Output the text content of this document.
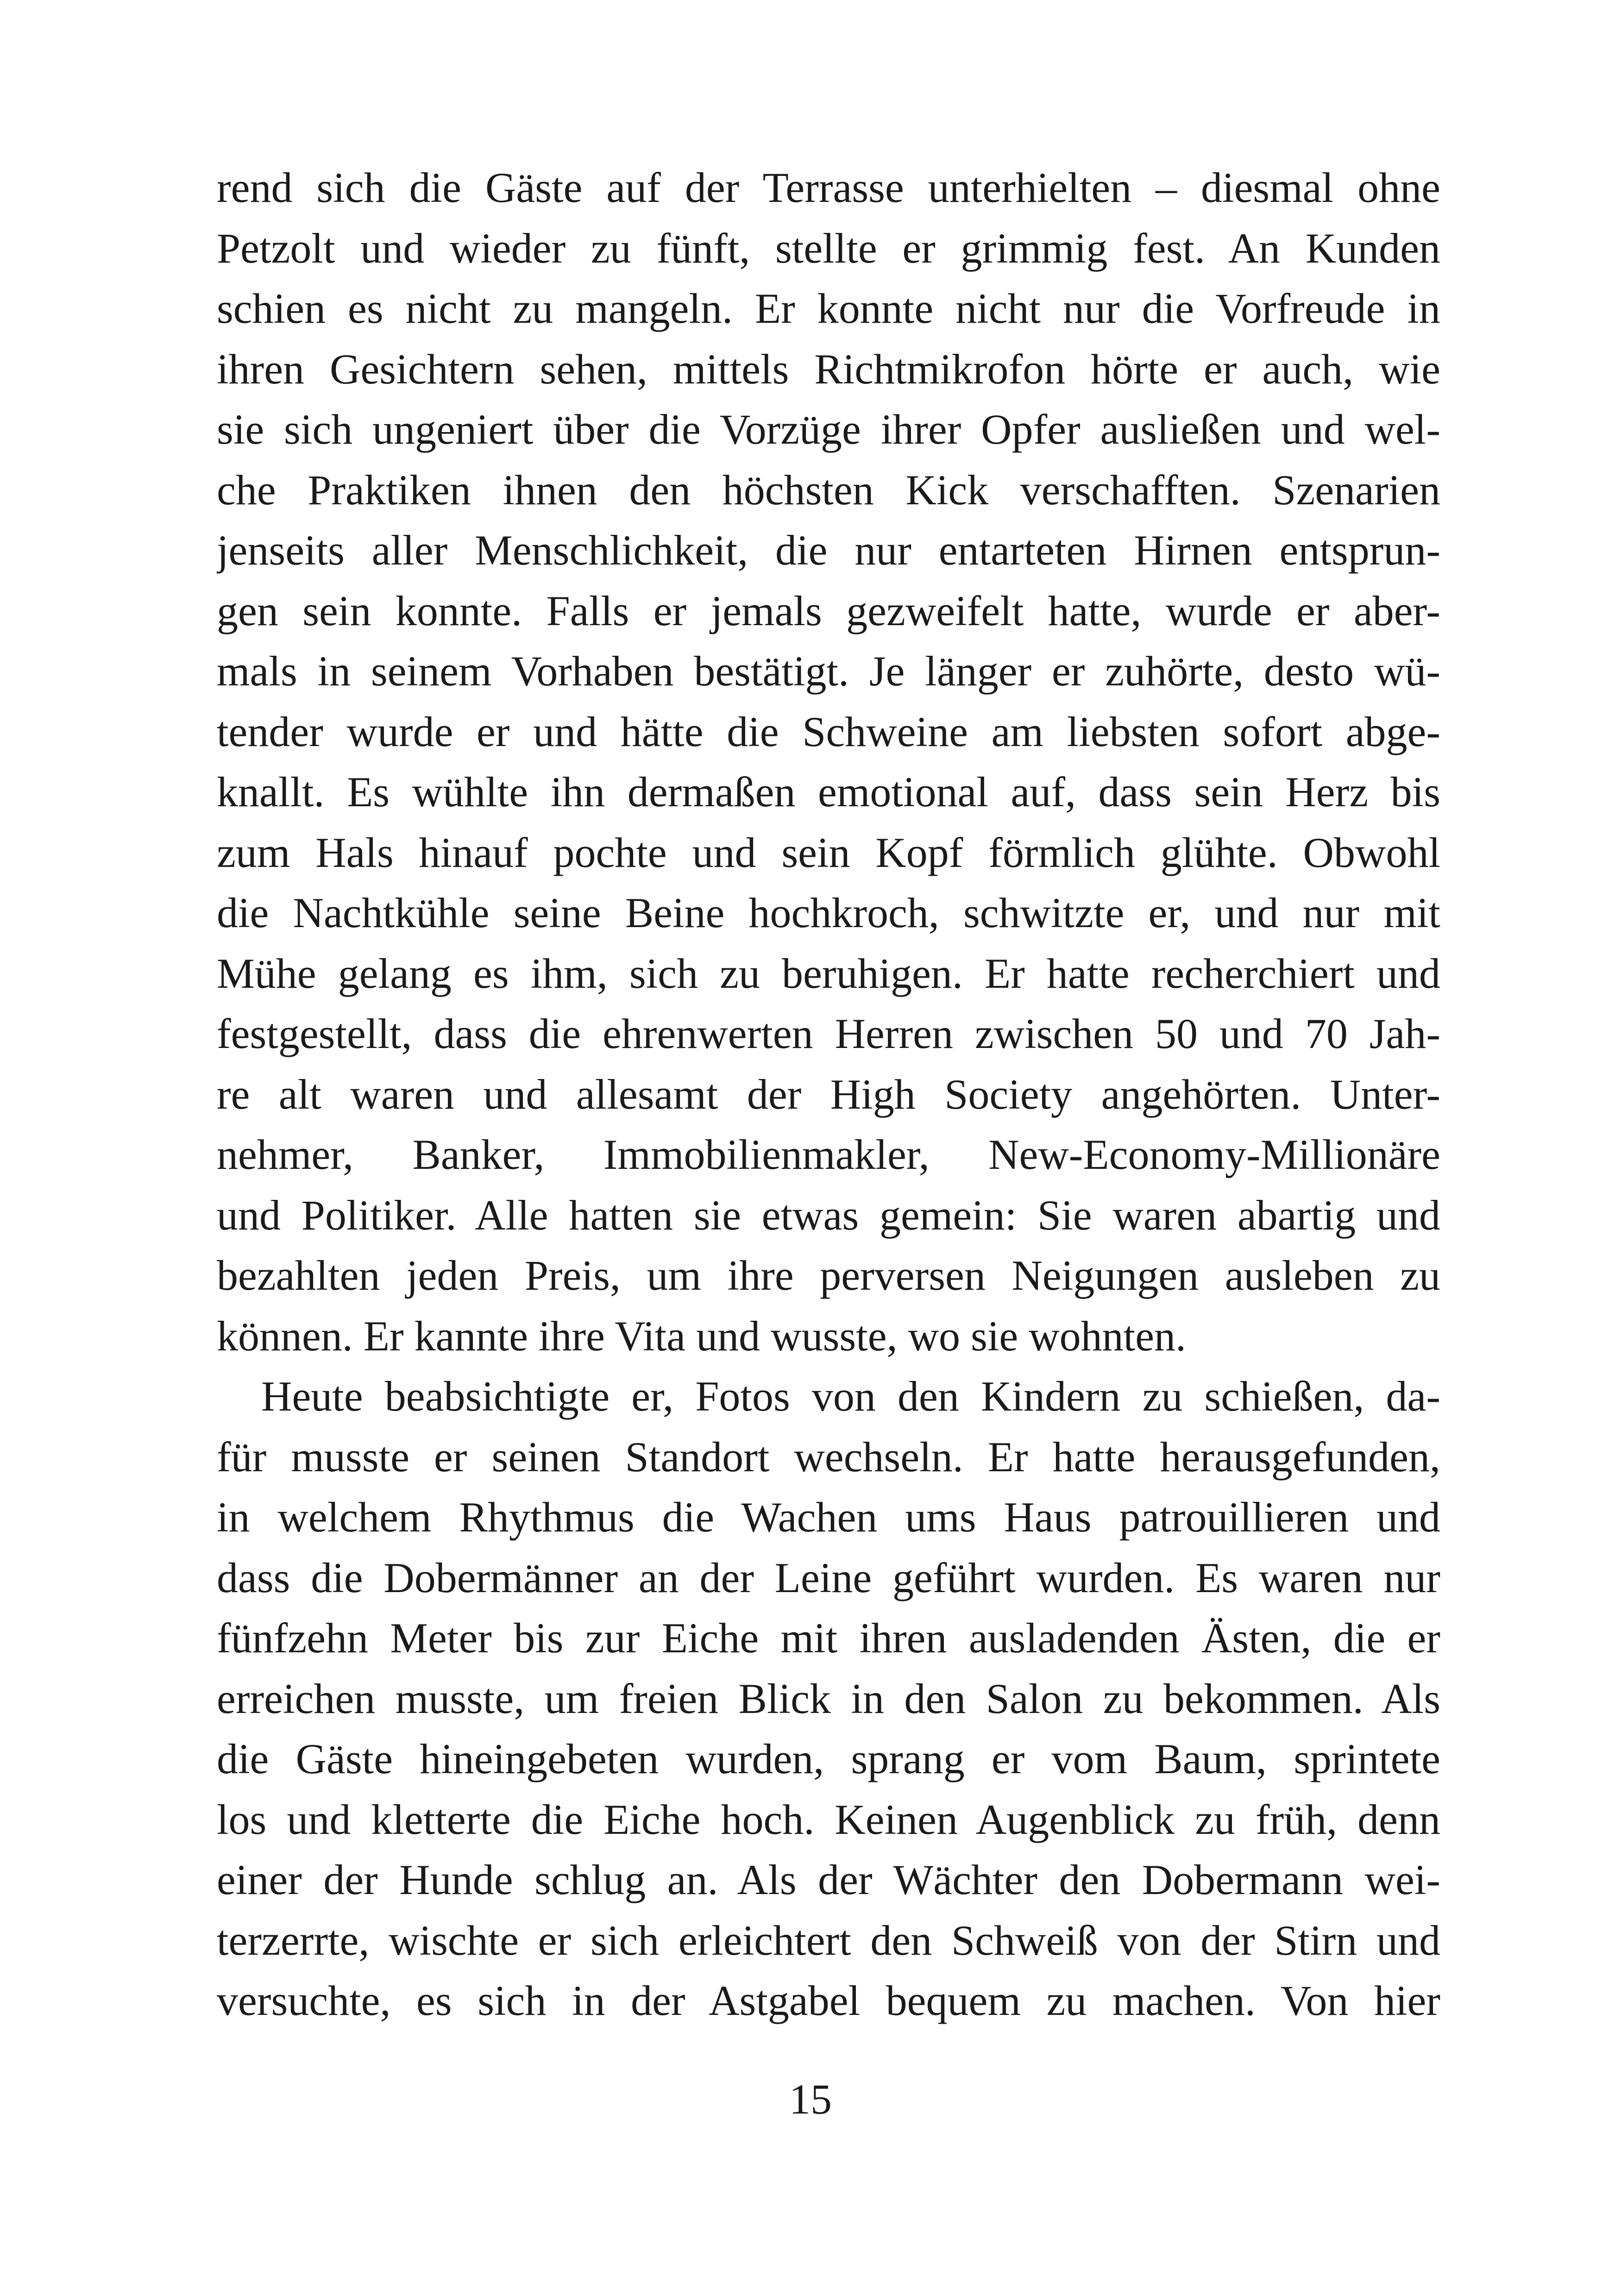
rend sich die Gäste auf der Terrasse unterhielten – diesmal ohne
Petzolt und wieder zu fünft, stellte er grimmig fest. An Kunden
schien es nicht zu mangeln. Er konnte nicht nur die Vorfreude in
ihren Gesichtern sehen, mittels Richtmikrofon hörte er auch, wie
sie sich ungeniert über die Vorzüge ihrer Opfer ausließen und wel-
che Praktiken ihnen den höchsten Kick verschafften. Szenarien
jenseits aller Menschlichkeit, die nur entarteten Hirnen entsprun-
gen sein konnte. Falls er jemals gezweifelt hatte, wurde er aber-
mals in seinem Vorhaben bestätigt. Je länger er zuhörte, desto wü-
tender wurde er und hätte die Schweine am liebsten sofort abge-
knallt. Es wühlte ihn dermaßen emotional auf, dass sein Herz bis
zum Hals hinauf pochte und sein Kopf förmlich glühte. Obwohl
die Nachtkühle seine Beine hochkroch, schwitzte er, und nur mit
Mühe gelang es ihm, sich zu beruhigen. Er hatte recherchiert und
festgestellt, dass die ehrenwerten Herren zwischen 50 und 70 Jah-
re alt waren und allesamt der High Society angehörten. Unter-
nehmer, Banker, Immobilienmakler, New-Economy-Millionäre
und Politiker. Alle hatten sie etwas gemein: Sie waren abartig und
bezahlten jeden Preis, um ihre perversen Neigungen ausleben zu
können. Er kannte ihre Vita und wusste, wo sie wohnten.
Heute beabsichtigte er, Fotos von den Kindern zu schießen, da-
für musste er seinen Standort wechseln. Er hatte herausgefunden,
in welchem Rhythmus die Wachen ums Haus patrouillieren und
dass die Dobermänner an der Leine geführt wurden. Es waren nur
fünfzehn Meter bis zur Eiche mit ihren ausladenden Ästen, die er
erreichen musste, um freien Blick in den Salon zu bekommen. Als
die Gäste hineingebeten wurden, sprang er vom Baum, sprintete
los und kletterte die Eiche hoch. Keinen Augenblick zu früh, denn
einer der Hunde schlug an. Als der Wächter den Dobermann wei-
terzerrte, wischte er sich erleichtert den Schweiß von der Stirn und
versuchte, es sich in der Astgabel bequem zu machen. Von hier
15
